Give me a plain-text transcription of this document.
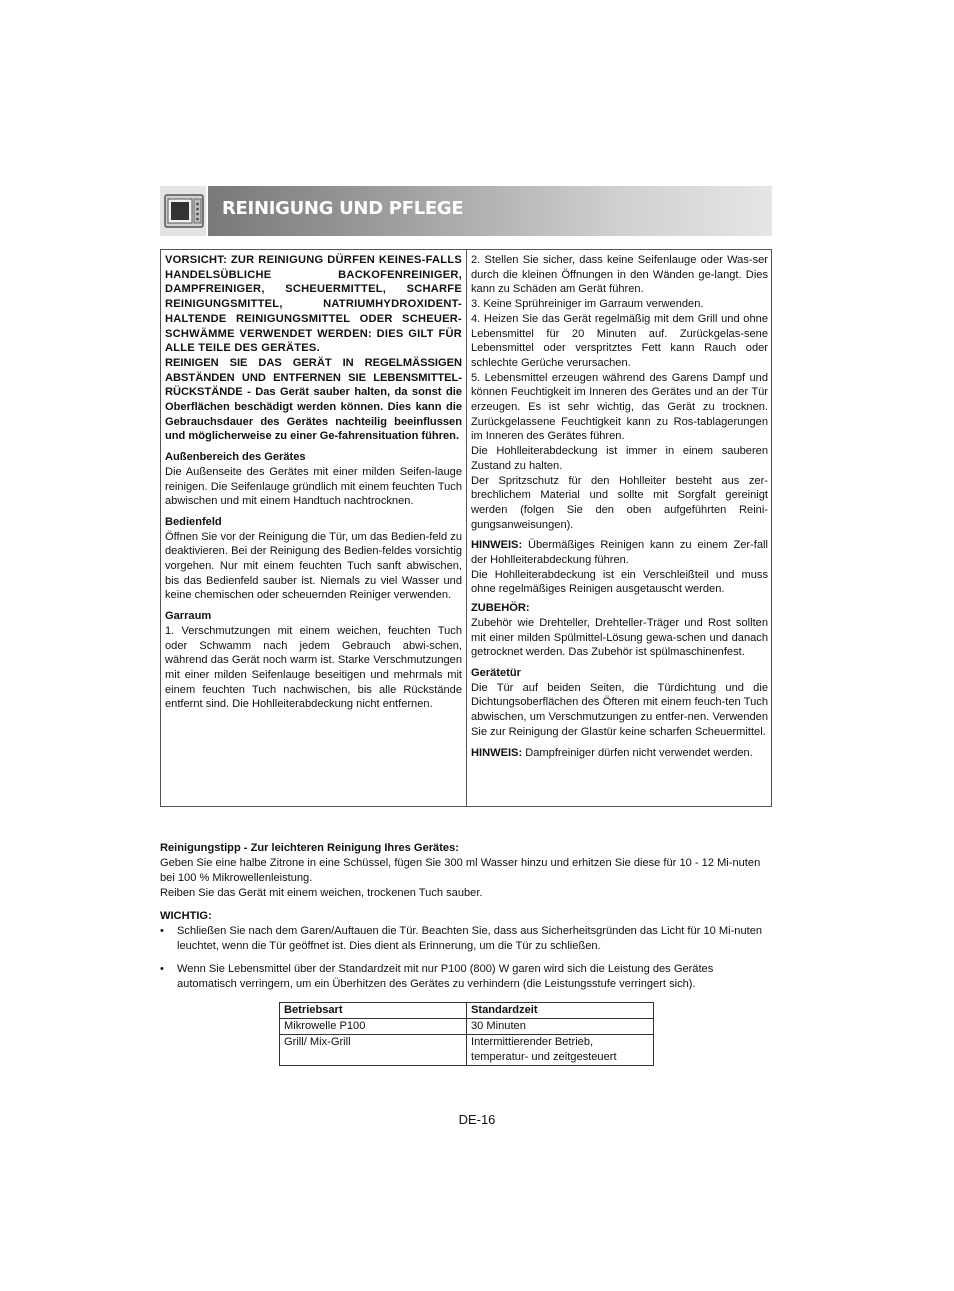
REINIGUNG UND PFLEGE

VORSICHT: ZUR REINIGUNG DÜRFEN KEINES-FALLS HANDELSÜBLICHE BACKOFENREINIGER, DAMPFREINIGER, SCHEUERMITTEL, SCHARFE REINIGUNGSMITTEL, NATRIUMHYDROXIDENT-HALTENDE REINIGUNGSMITTEL ODER SCHEUER-SCHWÄMME VERWENDET WERDEN: DIES GILT FÜR ALLE TEILE DES GERÄTES.

REINIGEN SIE DAS GERÄT IN REGELMÄSSIGEN ABSTÄNDEN UND ENTFERNEN SIE LEBENSMITTEL-RÜCKSTÄNDE - Das Gerät sauber halten, da sonst die Oberflächen beschädigt werden können. Dies kann die Gebrauchsdauer des Gerätes nachteilig beeinflussen und möglicherweise zu einer Ge-fahrensituation führen.

Außenbereich des Gerätes

Die Außenseite des Gerätes mit einer milden Seifen-lauge reinigen. Die Seifenlauge gründlich mit einem feuchten Tuch abwischen und mit einem Handtuch nachtrocknen.

Bedienfeld

Öffnen Sie vor der Reinigung die Tür, um das Bedien-feld zu deaktivieren. Bei der Reinigung des Bedien-feldes vorsichtig vorgehen. Nur mit einem feuchten Tuch sanft abwischen, bis das Bedienfeld sauber ist. Niemals zu viel Wasser und keine chemischen oder scheuernden Reiniger verwenden.

Garraum

1. Verschmutzungen mit einem weichen, feuchten Tuch oder Schwamm nach jedem Gebrauch abwi-schen, während das Gerät noch warm ist. Starke Verschmutzungen mit einer milden Seifenlauge beseitigen und mehrmals mit einem feuchten Tuch nachwischen, bis alle Rückstände entfernt sind. Die Hohlleiterabdeckung nicht entfernen.

2. Stellen Sie sicher, dass keine Seifenlauge oder Was-ser durch die kleinen Öffnungen in den Wänden ge-langt. Dies kann zu Schäden am Gerät führen.

3. Keine Sprühreiniger im Garraum verwenden.

4. Heizen Sie das Gerät regelmäßig mit dem Grill und ohne Lebensmittel für 20 Minuten auf. Zurückgelas-sene Lebensmittel oder verspritztes Fett kann Rauch oder schlechte Gerüche verursachen.

5. Lebensmittel erzeugen während des Garens Dampf und können Feuchtigkeit im Inneren des Gerätes und an der Tür erzeugen. Es ist sehr wichtig, das Gerät zu trocknen. Zurückgelassene Feuchtigkeit kann zu Ros-tablagerungen im Inneren des Gerätes führen.

Die Hohlleiterabdeckung ist immer in einem sauberen Zustand zu halten.

Der Spritzschutz für den Hohlleiter besteht aus zer-brechlichem Material und sollte mit Sorgfalt gereinigt werden (folgen Sie den oben aufgeführten Reini-gungsanweisungen).

HINWEIS: Übermäßiges Reinigen kann zu einem Zer-fall der Hohlleiterabdeckung führen.

Die Hohlleiterabdeckung ist ein Verschleißteil und muss ohne regelmäßiges Reinigen ausgetauscht werden.

ZUBEHÖR:

Zubehör wie Drehteller, Drehteller-Träger und Rost sollten mit einer milden Spülmittel-Lösung gewa-schen und danach getrocknet werden. Das Zubehör ist spülmaschinenfest.

Gerätetür

Die Tür auf beiden Seiten, die Türdichtung und die Dichtungsoberflächen des Öfteren mit einem feuch-ten Tuch abwischen, um Verschmutzungen zu entfer-nen. Verwenden Sie zur Reinigung der Glastür keine scharfen Scheuermittel.

HINWEIS: Dampfreiniger dürfen nicht verwendet werden.

Reinigungstipp - Zur leichteren Reinigung Ihres Gerätes:

Geben Sie eine halbe Zitrone in eine Schüssel, fügen Sie 300 ml Wasser hinzu und erhitzen Sie diese für 10 - 12 Mi-nuten bei 100 % Mikrowellenleistung.

Reiben Sie das Gerät mit einem weichen, trockenen Tuch sauber.

WICHTIG:

• Schließen Sie nach dem Garen/Auftauen die Tür. Beachten Sie, dass aus Sicherheitsgründen das Licht für 10 Mi-nuten leuchtet, wenn die Tür geöffnet ist. Dies dient als Erinnerung, um die Tür zu schließen.
• Wenn Sie Lebensmittel über der Standardzeit mit nur P100 (800) W garen wird sich die Leistung des Gerätes automatisch verringern, um ein Überhitzen des Gerätes zu verhindern (die Leistungsstufe verringert sich).
Betriebsart	Standardzeit
Mikrowelle P100	30 Minuten
Grill/ Mix-Grill	Intermittierender Betrieb, temperatur- und zeitgesteuert
DE-16
